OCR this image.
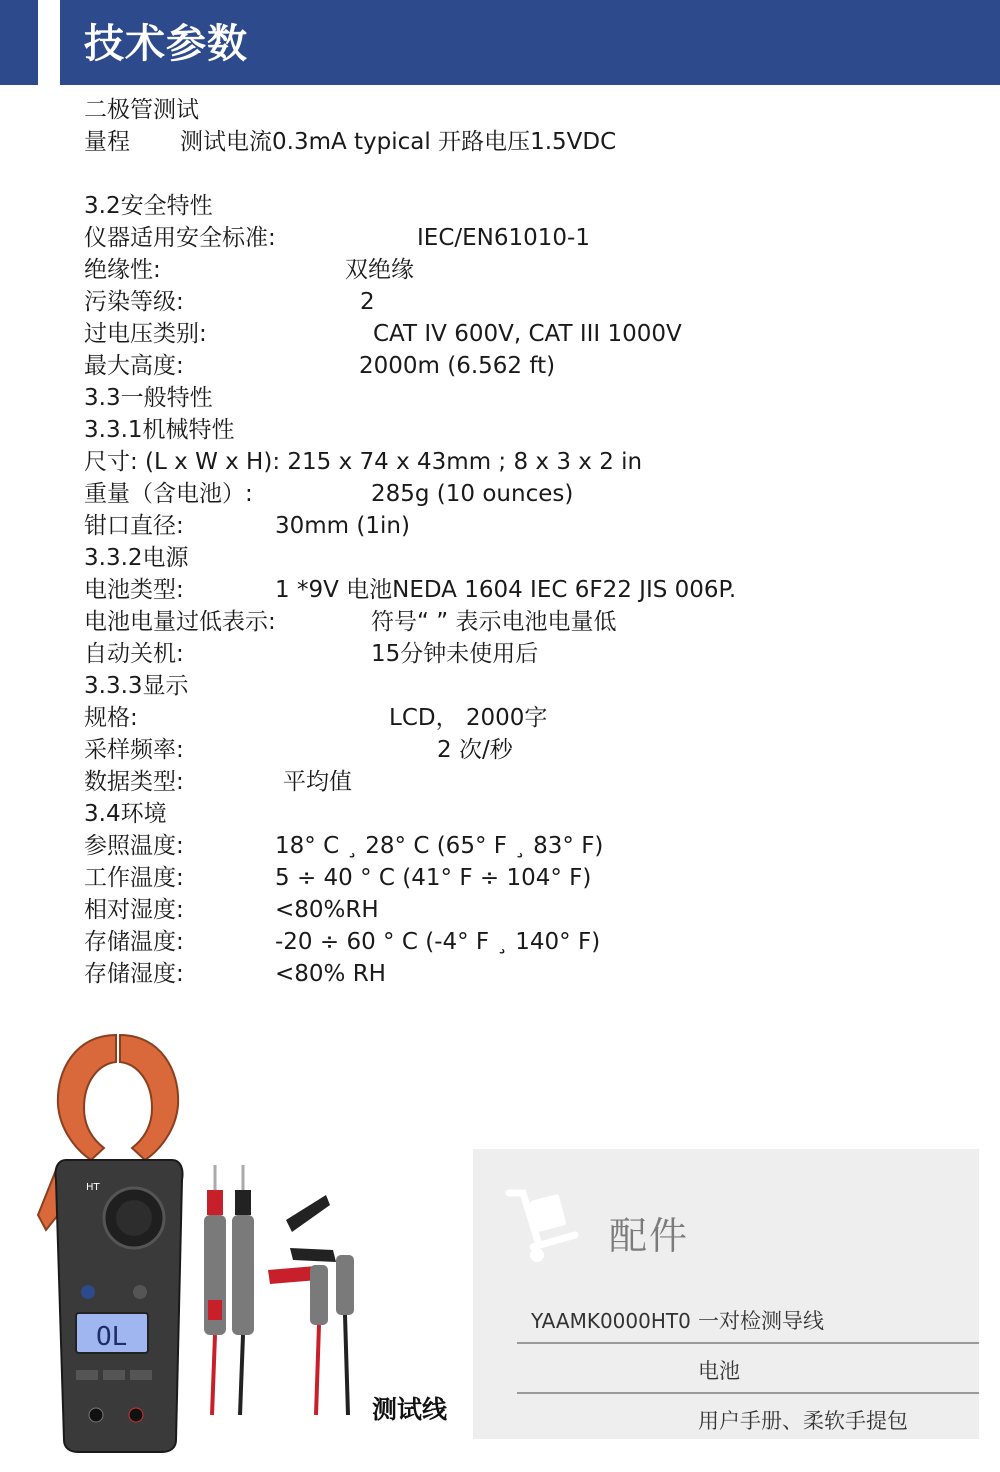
技术参数
二极管测试
量程 测试电流0.3mA typical 开路电压1.5VDC
3.2安全特性
仪器适用安全标准:	IEC/EN61010-1
绝缘性:	双绝缘
污染等级:	2
过电压类别:	CAT IV 600V, CAT III 1000V
最大高度:	2000m (6.562 ft)
3.3一般特性
3.3.1机械特性
尺寸: (L x W x H): 215 x 74 x 43mm ; 8 x 3 x 2 in
重量（含电池）:	285g (10 ounces)
钳口直径:	30mm (1in)
3.3.2电源
电池类型:	1 *9V 电池NEDA 1604 IEC 6F22 JIS 006P.
电池电量过低表示:	符号“ ” 表示电池电量低
自动关机:	15分钟未使用后
3.3.3显示
规格:	LCD， 2000字
采样频率:	2 次/秒
数据类型:	平均值
3.4环境
参照温度:	18° C ¸ 28° C (65° F ¸ 83° F)
工作温度:	5 ÷ 40 ° C (41° F ÷ 104° F)
相对湿度:	<80%RH
存储温度:	-20 ÷ 60 ° C (-4° F ¸ 140° F)
存储湿度:	<80% RH
HT
OL
测试线
配件
YAAMK0000HT0 一对检测导线
电池
用户手册、柔软手提包
